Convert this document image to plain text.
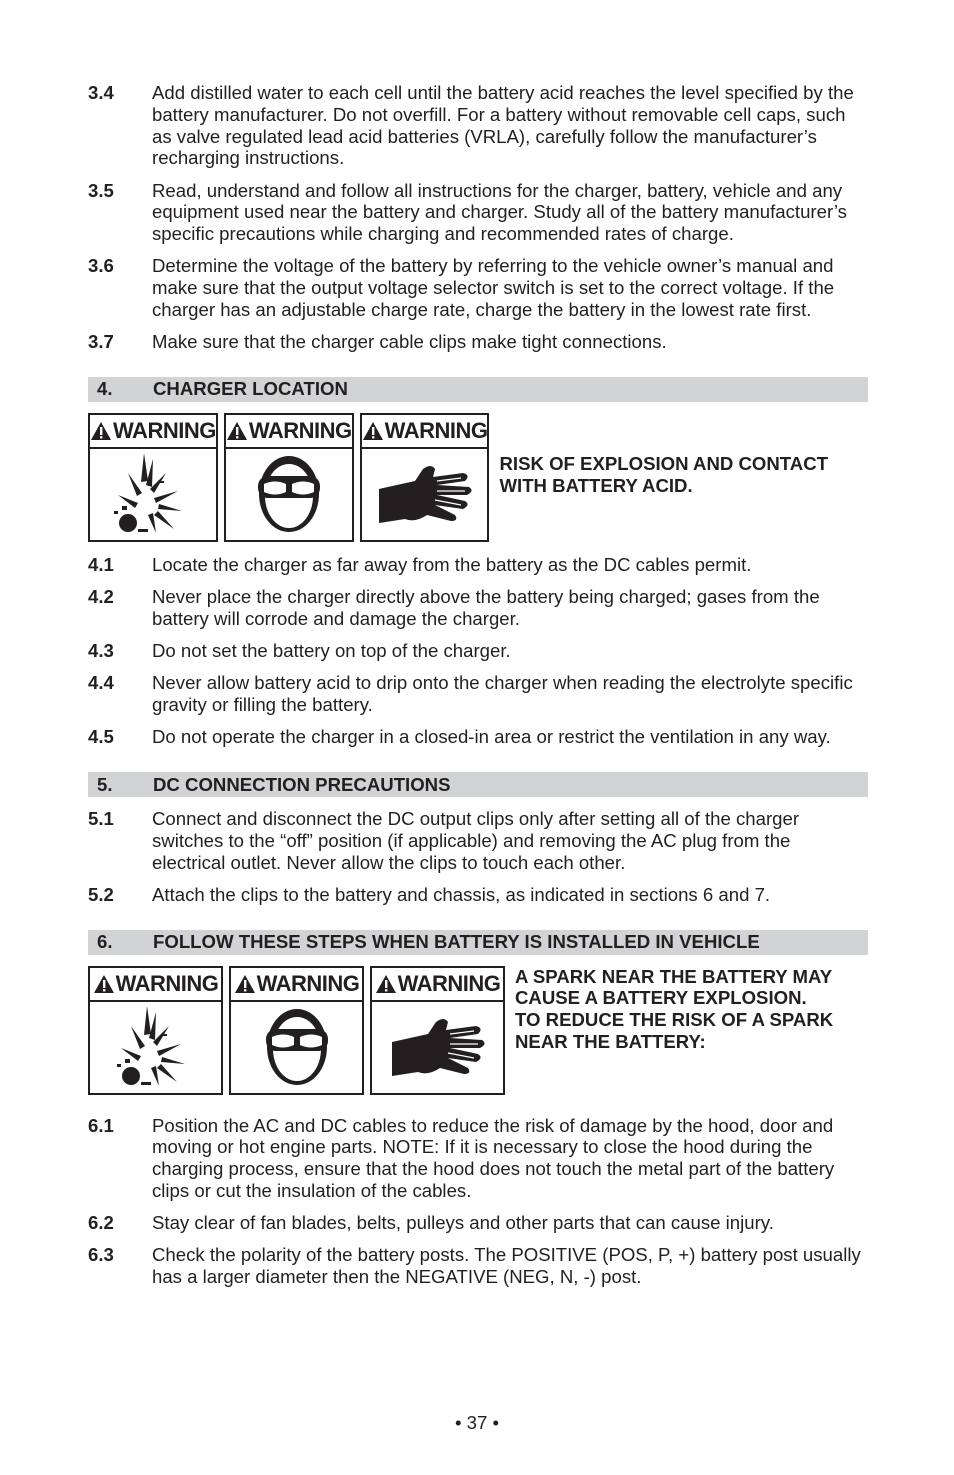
3.4	Add distilled water to each cell until the battery acid reaches the level specified by the battery manufacturer. Do not overfill. For a battery without removable cell caps, such as valve regulated lead acid batteries (VRLA), carefully follow the manufacturer’s recharging instructions.
3.5	Read, understand and follow all instructions for the charger, battery, vehicle and any equipment used near the battery and charger. Study all of the battery manufacturer’s specific precautions while charging and recommended rates of charge.
3.6	Determine the voltage of the battery by referring to the vehicle owner’s manual and make sure that the output voltage selector switch is set to the correct voltage. If the charger has an adjustable charge rate, charge the battery in the lowest rate first.
3.7	Make sure that the charger cable clips make tight connections.
4.	CHARGER LOCATION
WARNING WARNING WARNING
RISK OF EXPLOSION AND CONTACT WITH BATTERY ACID.
4.1	Locate the charger as far away from the battery as the DC cables permit.
4.2	Never place the charger directly above the battery being charged; gases from the battery will corrode and damage the charger.
4.3	Do not set the battery on top of the charger.
4.4	Never allow battery acid to drip onto the charger when reading the electrolyte specific gravity or filling the battery.
4.5	Do not operate the charger in a closed-in area or restrict the ventilation in any way.
5.	DC CONNECTION PRECAUTIONS
5.1	Connect and disconnect the DC output clips only after setting all of the charger switches to the “off” position (if applicable) and removing the AC plug from the electrical outlet. Never allow the clips to touch each other.
5.2	Attach the clips to the battery and chassis, as indicated in sections 6 and 7.
6.	FOLLOW THESE STEPS WHEN BATTERY IS INSTALLED IN VEHICLE
WARNING WARNING WARNING A SPARK NEAR THE BATTERY MAY CAUSE A BATTERY EXPLOSION. TO REDUCE THE RISK OF A SPARK NEAR THE BATTERY:
6.1	Position the AC and DC cables to reduce the risk of damage by the hood, door and moving or hot engine parts. NOTE: If it is necessary to close the hood during the charging process, ensure that the hood does not touch the metal part of the battery clips or cut the insulation of the cables.
6.2	Stay clear of fan blades, belts, pulleys and other parts that can cause injury.
6.3	Check the polarity of the battery posts. The POSITIVE (POS, P, +) battery post usually has a larger diameter then the NEGATIVE (NEG, N, -) post.
• 37 •
